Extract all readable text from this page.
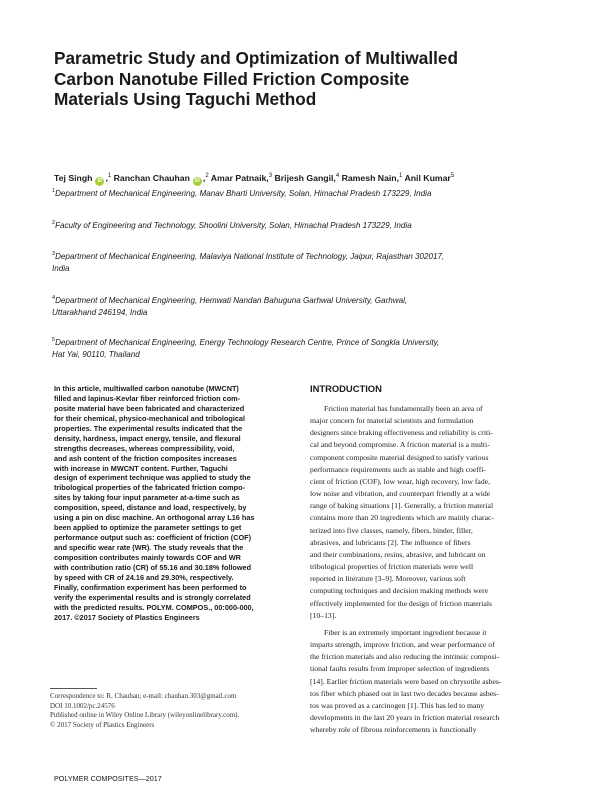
Parametric Study and Optimization of Multiwalled
Carbon Nanotube Filled Friction Composite
Materials Using Taguchi Method
Tej Singh iD ,$^1$ Ranchan Chauhan iD ,$^2$ Amar Patnaik,$^3$ Brijesh Gangil,$^4$ Ramesh Nain,$^1$ Anil Kumar$^5$
$^1$Department of Mechanical Engineering, Manav Bharti University, Solan, Himachal Pradesh 173229, India
$^2$Faculty of Engineering and Technology, Shoolini University, Solan, Himachal Pradesh 173229, India
$^3$Department of Mechanical Engineering, Malaviya National Institute of Technology, Jaipur, Rajasthan 302017,
India
$^4$Department of Mechanical Engineering, Hemwati Nandan Bahuguna Garhwal University, Garhwal,
Uttarakhand 246194, India
$^5$Department of Mechanical Engineering, Energy Technology Research Centre, Prince of Songkla University,
Hat Yai, 90110, Thailand
In this article, multiwalled carbon nanotube (MWCNT)
filled and lapinus-Kevlar fiber reinforced friction com-
posite material have been fabricated and characterized
for their chemical, physico-mechanical and tribological
properties. The experimental results indicated that the
density, hardness, impact energy, tensile, and flexural
strengths decreases, whereas compressibility, void,
and ash content of the friction composites increases
with increase in MWCNT content. Further, Taguchi
design of experiment technique was applied to study the
tribological properties of the fabricated friction compo-
sites by taking four input parameter at-a-time such as
composition, speed, distance and load, respectively, by
using a pin on disc machine. An orthogonal array L16 has
been applied to optimize the parameter settings to get
performance output such as: coefficient of friction (COF)
and specific wear rate (WR). The study reveals that the
composition contributes mainly towards COF and WR
with contribution ratio (CR) of 55.16 and 30.18% followed
by speed with CR of 24.16 and 29.30%, respectively.
Finally, confirmation experiment has been performed to
verify the experimental results and is strongly correlated
with the predicted results. POLYM. COMPOS., 00:000-000,
2017. ©2017 Society of Plastics Engineers
Correspondence to: R. Chauhan; e-mail: chauhan.303@gmail.com
DOI 10.1002/pc.24576
Published online in Wiley Online Library (wileyonlinelibrary.com).
© 2017 Society of Plastics Engineers
INTRODUCTION
Friction material has fundamentally been an area of
major concern for material scientists and formulation
designers since braking effectiveness and reliability is criti-
cal and beyond compromise. A friction material is a multi-
component composite material designed to satisfy various
performance requirements such as stable and high coeffi-
cient of friction (COF), low wear, high recovery, low fade,
low noise and vibration, and counterpart friendly at a wide
range of baking situations [1]. Generally, a friction material
contains more than 20 ingredients which are mainly charac-
terized into five classes, namely, fibers, binder, filler,
abrasives, and lubricants [2]. The influence of fibers
and their combinations, resins, abrasive, and lubricant on
tribological properties of friction materials were well
reported in literature [3–9]. Moreover, various soft
computing techniques and decision making methods were
effectively implemented for the design of friction materials
[10–13].
Fiber is an extremely important ingredient because it
imparts strength, improve friction, and wear performance of
the friction materials and also reducing the intrinsic composi-
tional faults results from improper selection of ingredients
[14]. Earlier friction materials were based on chrysotile asbes-
tos fiber which phased out in last two decades because asbes-
tos was proved as a carcinogen [1]. This has led to many
developments in the last 20 years in friction material research
whereby role of fibrous reinforcements is functionally
POLYMER COMPOSITES—2017
